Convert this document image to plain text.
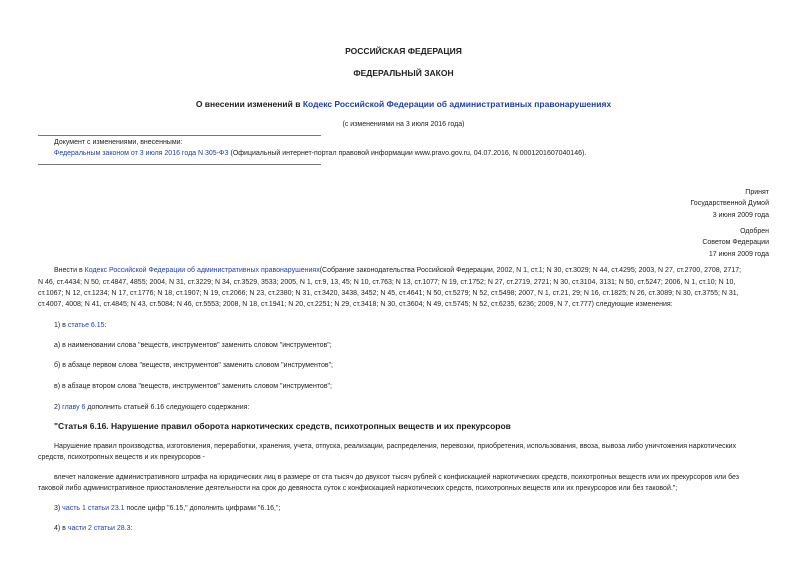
РОССИЙСКАЯ ФЕДЕРАЦИЯ
ФЕДЕРАЛЬНЫЙ ЗАКОН
О внесении изменений в Кодекс Российской Федерации об административных правонарушениях
(с изменениями на 3 июля 2016 года)
Документ с изменениями, внесенными:
Федеральным законом от 3 июля 2016 года N 305-ФЗ (Официальный интернет-портал правовой информации www.pravo.gov.ru, 04.07.2016, N 0001201607040146).
Принят
Государственной Думой
3 июня 2009 года
Одобрен
Советом Федерации
17 июня 2009 года
Внести в Кодекс Российской Федерации об административных правонарушениях(Собрание законодательства Российской Федерации, 2002, N 1, ст.1; N 30, ст.3029; N 44, ст.4295; 2003, N 27, ст.2700, 2708, 2717;
N 46, ст.4434; N 50, ст.4847, 4855; 2004, N 31, ст.3229; N 34, ст.3529, 3533; 2005, N 1, ст.9, 13, 45; N 10, ст.763; N 13, ст.1077; N 19, ст.1752; N 27, ст.2719, 2721; N 30, ст.3104, 3131; N 50, ст.5247; 2006, N 1, ст.10; N 10,
ст.1067; N 12, ст.1234; N 17, ст.1776; N 18, ст.1907; N 19, ст.2066; N 23, ст.2380; N 31, ст.3420, 3438, 3452; N 45, ст.4641; N 50, ст.5279; N 52, ст.5498; 2007, N 1, ст.21, 29; N 16, ст.1825; N 26, ст.3089; N 30, ст.3755; N 31,
ст.4007, 4008; N 41, ст.4845; N 43, ст.5084; N 46, ст.5553; 2008, N 18, ст.1941; N 20, ст.2251; N 29, ст.3418; N 30, ст.3604; N 49, ст.5745; N 52, ст.6235, 6236; 2009, N 7, ст.777) следующие изменения:
1) в статье 6.15:
а) в наименовании слова "веществ, инструментов" заменить словом "инструментов";
б) в абзаце первом слова "веществ, инструментов" заменить словом "инструментов";
в) в абзаце втором слова "веществ, инструментов" заменить словом "инструментов";
2) главу 6 дополнить статьей 6.16 следующего содержания:
"Статья 6.16. Нарушение правил оборота наркотических средств, психотропных веществ и их прекурсоров
Нарушение правил производства, изготовления, переработки, хранения, учета, отпуска, реализации, распределения, перевозки, приобретения, использования, ввоза, вывоза либо уничтожения наркотических
средств, психотропных веществ и их прекурсоров -
влечет наложение административного штрафа на юридических лиц в размере от ста тысяч до двухсот тысяч рублей с конфискацией наркотических средств, психотропных веществ или их прекурсоров или без
таковой либо административное приостановление деятельности на срок до девяноста суток с конфискацией наркотических средств, психотропных веществ или их прекурсоров или без таковой.";
3) часть 1 статьи 23.1 после цифр "6.15," дополнить цифрами "6.16,";
4) в части 2 статьи 28.3:
